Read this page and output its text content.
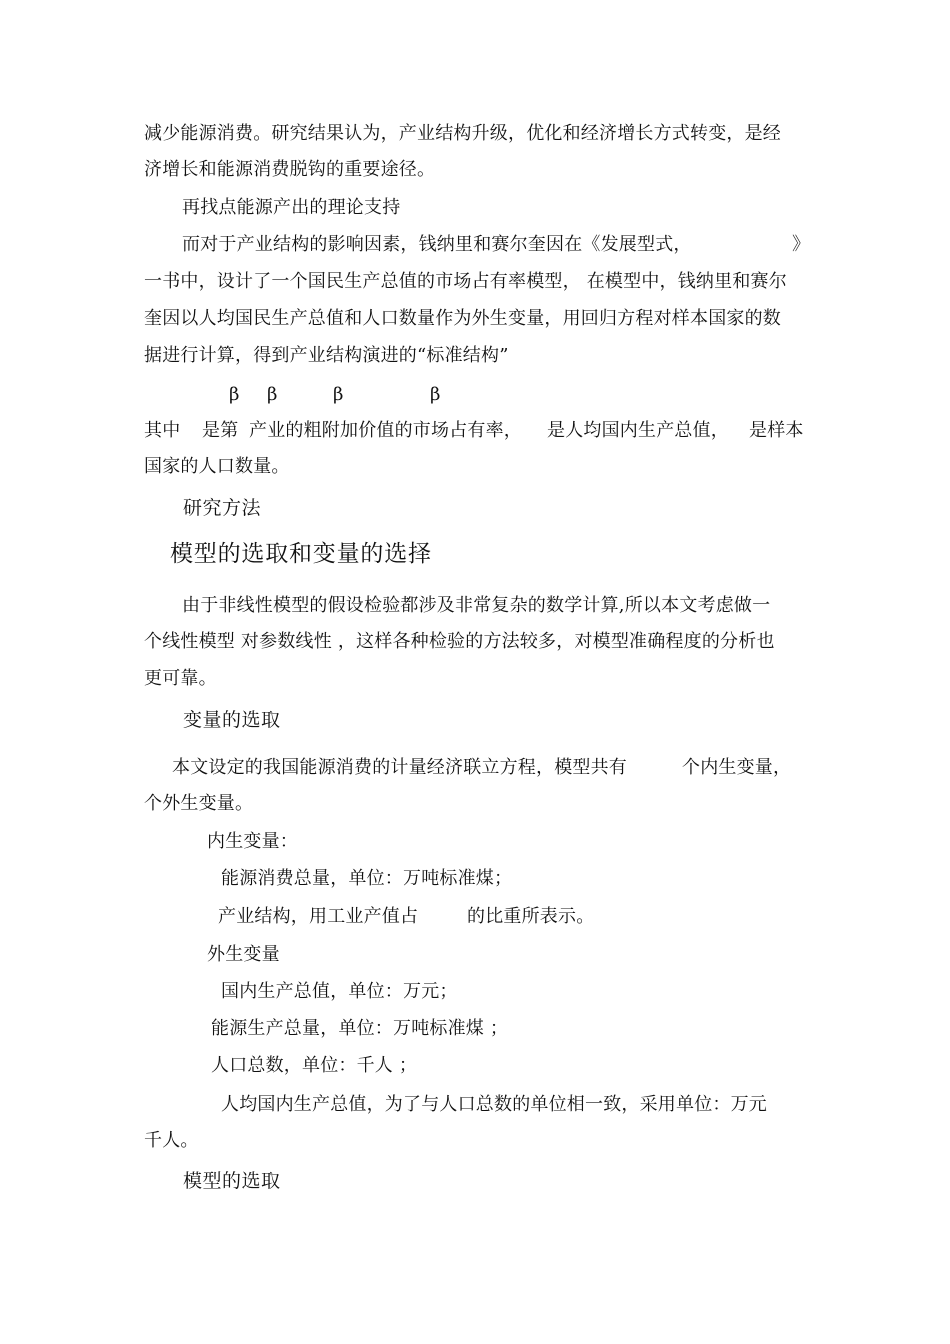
减少能源消费。研究结果认为，产业结构升级，优化和经济增长方式转变，是经
济增长和能源消费脱钩的重要途径。
再找点能源产出的理论支持
而对于产业结构的影响因素，钱纳里和赛尔奎因在《发展型式，	》
一书中，设计了一个国民生产总值的市场占有率模型， 在模型中，钱纳里和赛尔
奎因以人均国民生产总值和人口数量作为外生变量，用回归方程对样本国家的数
据进行计算，得到产业结构演进的“标准结构”
β β	β	β
其中 是第 产业的粗附加价值的市场占有率， 是人均国内生产总值， 是样本
国家的人口数量。
研究方法
模型的选取和变量的选择
由于非线性模型的假设检验都涉及非常复杂的数学计算,所以本文考虑做一
个线性模型 对参数线性 ，这样各种检验的方法较多，对模型准确程度的分析也
更可靠。
变量的选取
本文设定的我国能源消费的计量经济联立方程，模型共有	个内生变量，
个外生变量。
内生变量：
能源消费总量，单位：万吨标准煤；
产业结构，用工业产值占	的比重所表示。
外生变量
国内生产总值，单位：万元；
能源生产总量，单位：万吨标准煤 ；
人口总数，单位：千人 ；
人均国内生产总值，为了与人口总数的单位相一致，采用单位：万元
千人。
模型的选取
